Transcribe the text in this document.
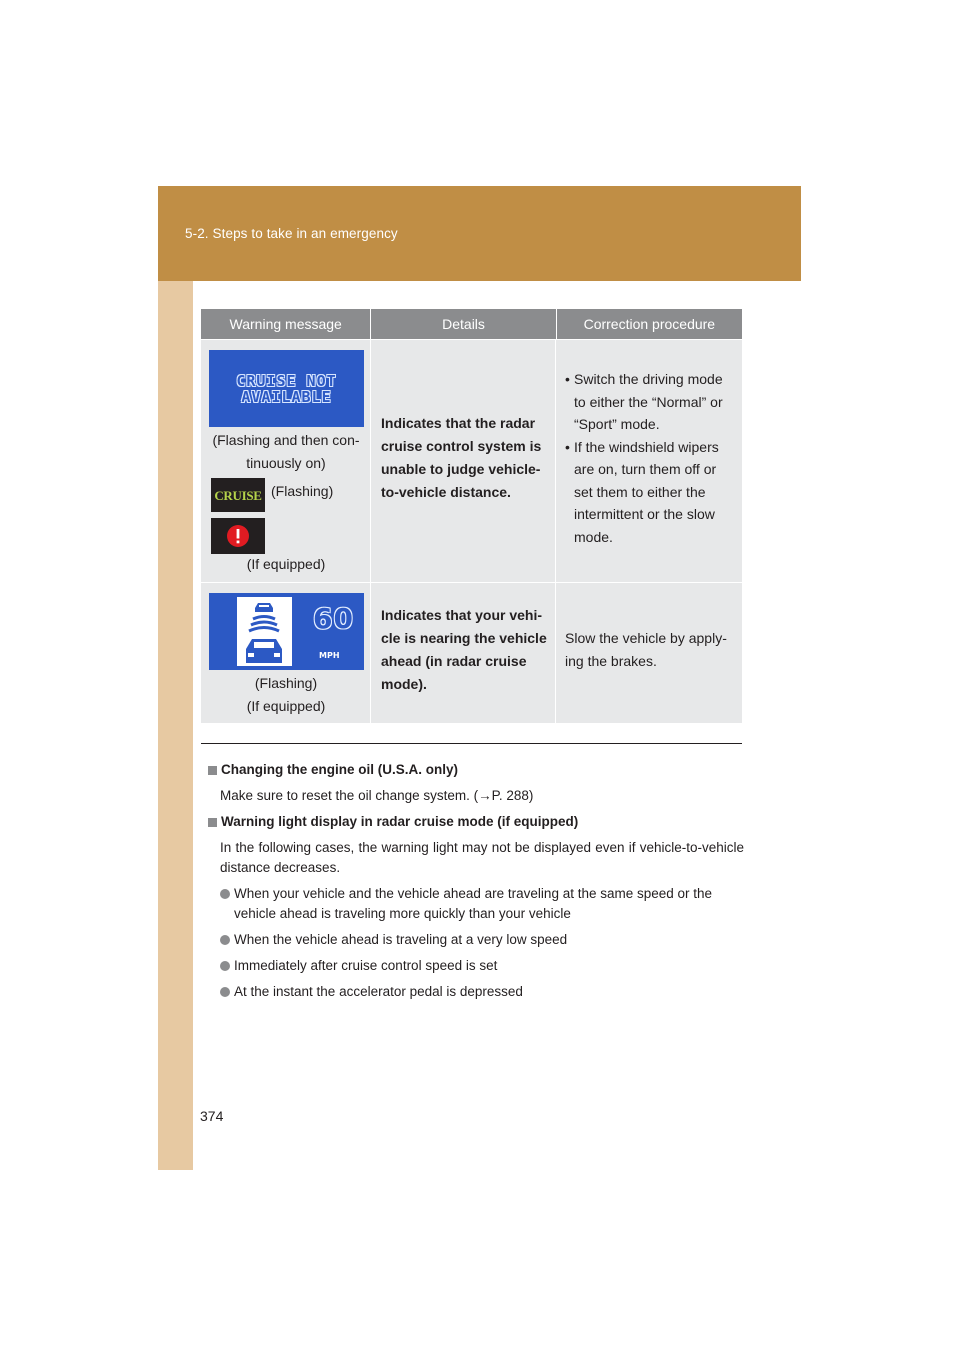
5-2. Steps to take in an emergency
Warning message	Details	Correction procedure
CRUISE NOT
AVAILABLE
(Flashing and then con-tinuously on)
CRUISE (Flashing)
(If equipped)
Indicates that the radar cruise control system is unable to judge vehicle-to-vehicle distance.
• Switch the driving mode to either the “Normal” or “Sport” mode.
• If the windshield wipers are on, turn them off or set them to either the intermittent or the slow mode.
60
MPH
(Flashing)
(If equipped)
Indicates that your vehi-cle is nearing the vehicle ahead (in radar cruise mode).
Slow the vehicle by apply-ing the brakes.
Changing the engine oil (U.S.A. only)
Make sure to reset the oil change system. (→P. 288)
Warning light display in radar cruise mode (if equipped)
In the following cases, the warning light may not be displayed even if vehicle-to-vehicle distance decreases.
When your vehicle and the vehicle ahead are traveling at the same speed or the vehicle ahead is traveling more quickly than your vehicle
When the vehicle ahead is traveling at a very low speed
Immediately after cruise control speed is set
At the instant the accelerator pedal is depressed
374
